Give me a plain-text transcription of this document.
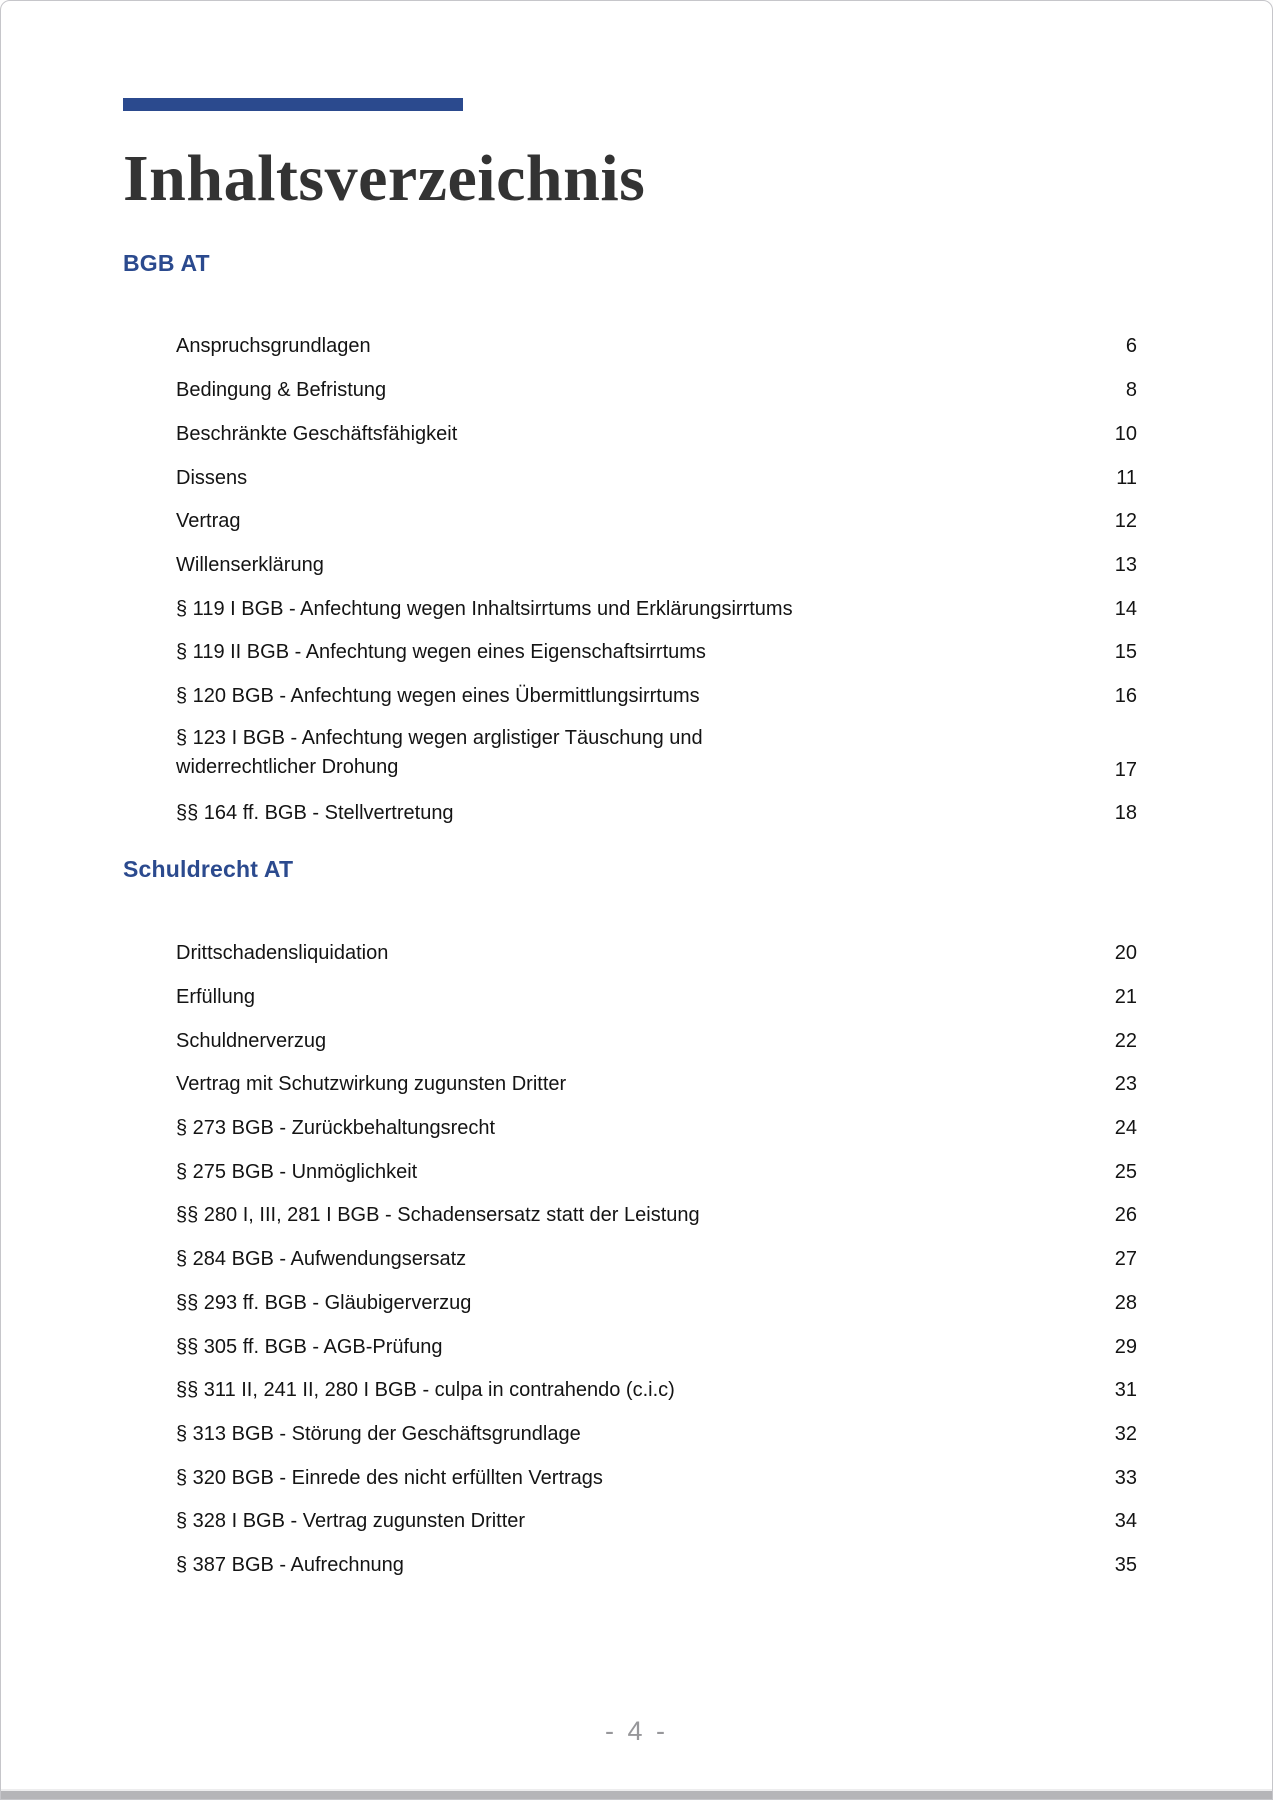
Inhaltsverzeichnis
BGB AT
Anspruchsgrundlagen	6
Bedingung & Befristung	8
Beschränkte Geschäftsfähigkeit	10
Dissens	11
Vertrag	12
Willenserklärung	13
§ 119 I BGB - Anfechtung wegen Inhaltsirrtums und Erklärungsirrtums	14
§ 119 II BGB - Anfechtung wegen eines Eigenschaftsirrtums	15
§ 120 BGB - Anfechtung wegen eines Übermittlungsirrtums	16
§ 123 I BGB - Anfechtung wegen arglistiger Täuschung und
widerrechtlicher Drohung	17
§§ 164 ff. BGB - Stellvertretung	18
Schuldrecht AT
Drittschadensliquidation	20
Erfüllung	21
Schuldnerverzug	22
Vertrag mit Schutzwirkung zugunsten Dritter	23
§ 273 BGB - Zurückbehaltungsrecht	24
§ 275 BGB - Unmöglichkeit	25
§§ 280 I, III, 281 I BGB - Schadensersatz statt der Leistung	26
§ 284 BGB - Aufwendungsersatz	27
§§ 293 ff. BGB - Gläubigerverzug	28
§§ 305 ff. BGB - AGB-Prüfung	29
§§ 311 II, 241 II, 280 I BGB - culpa in contrahendo (c.i.c)	31
§ 313 BGB - Störung der Geschäftsgrundlage	32
§ 320 BGB - Einrede des nicht erfüllten Vertrags	33
§ 328 I BGB - Vertrag zugunsten Dritter	34
§ 387 BGB - Aufrechnung	35
- 4 -
